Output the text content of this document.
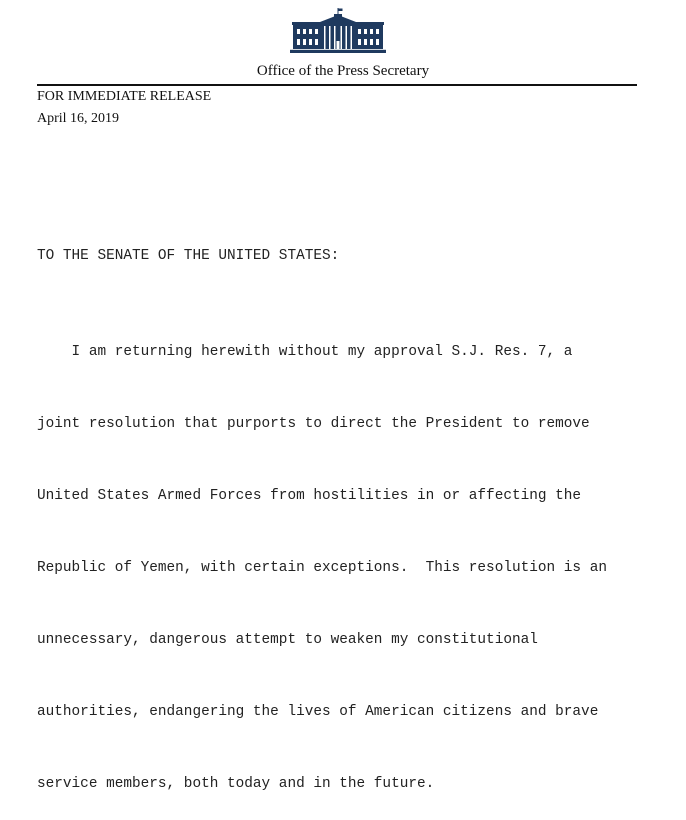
Office of the Press Secretary
FOR IMMEDIATE RELEASE
April 16, 2019

TO THE SENATE OF THE UNITED STATES:

I am returning herewith without my approval S.J. Res. 7, a

joint resolution that purports to direct the President to remove

United States Armed Forces from hostilities in or affecting the

Republic of Yemen, with certain exceptions.  This resolution is an

unnecessary, dangerous attempt to weaken my constitutional

authorities, endangering the lives of American citizens and brave

service members, both today and in the future.
